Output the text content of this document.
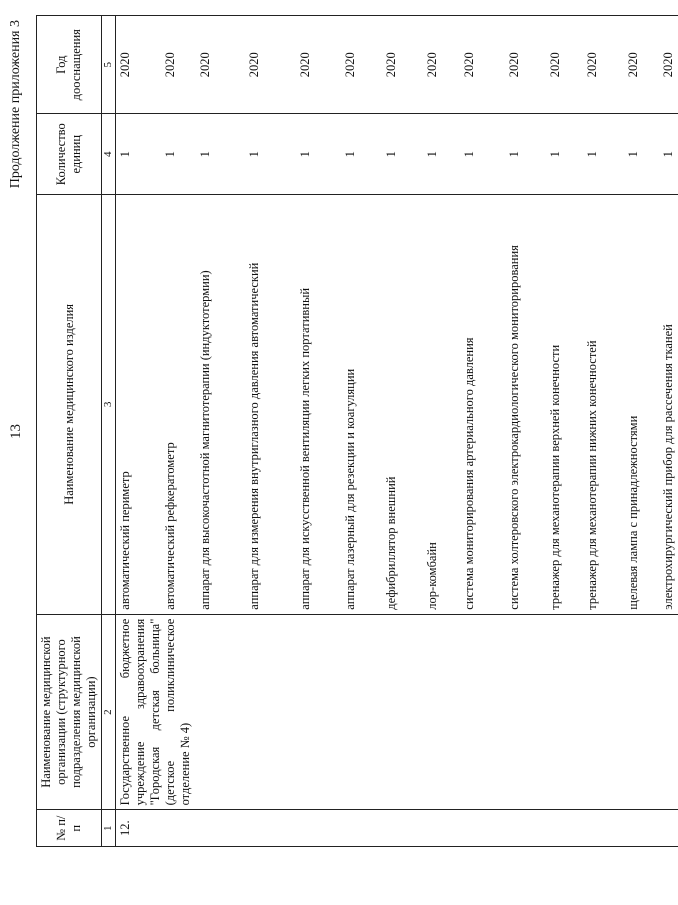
13
Продолжение приложения 3
№ п/п	Наименование медицинской организации (структурного подразделения медицинской организации)	Наименование медицинского изделия	Количество единиц	Год дооснащения
1	2	3	4	5
12.	Государственное бюджетное учреждение здравоохранения "Городская детская больница" (детское поликлиническое отделение № 4)	автоматический периметр	1	2020
		автоматический рефкератометр	1	2020
		аппарат для высокочастотной магнитотерапии (индуктотермии)	1	2020
		аппарат для измерения внутриглазного давления автоматический	1	2020
		аппарат для искусственной вентиляции легких портативный	1	2020
		аппарат лазерный для резекции и коагуляции	1	2020
		дефибриллятор внешний	1	2020
		лор-комбайн	1	2020
		система мониторирования артериального давления	1	2020
		система холтеровского электрокардиологического мониторирования	1	2020
		тренажер для механотерапии верхней конечности	1	2020
		тренажер для механотерапии нижних конечностей	1	2020
		щелевая лампа с принадлежностями	1	2020
		электрохирургический прибор для рассечения тканей	1	2020
